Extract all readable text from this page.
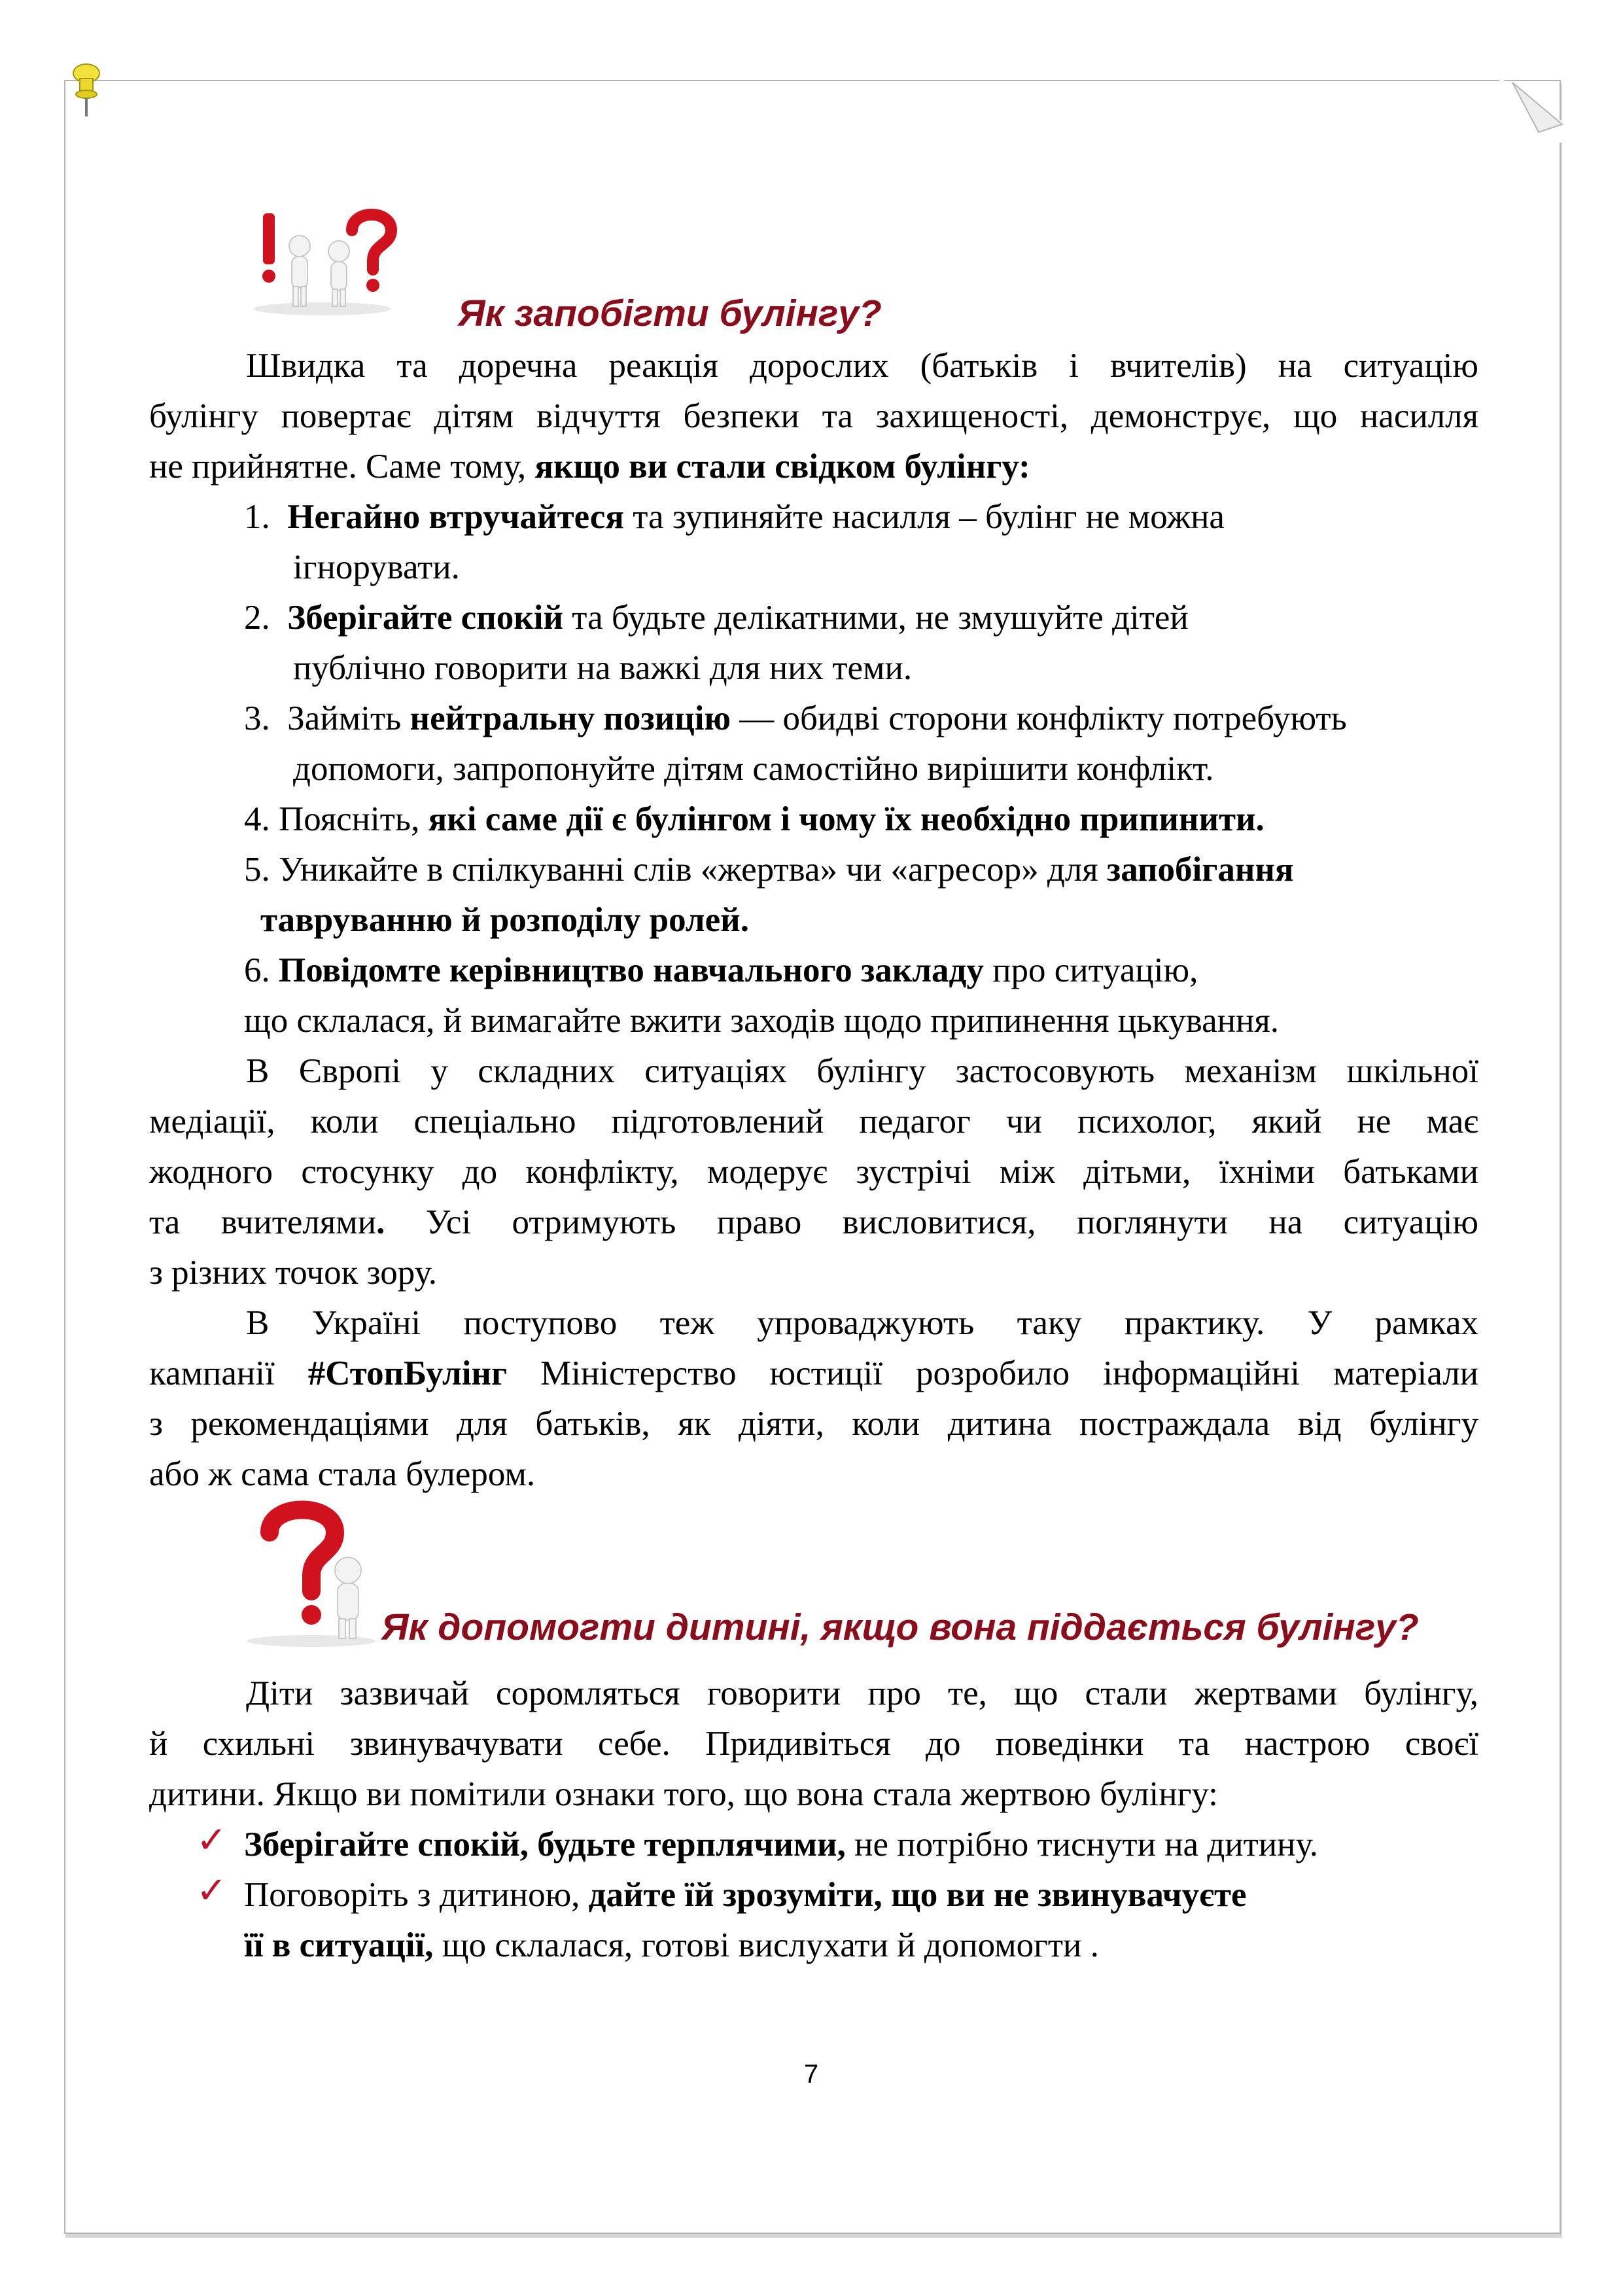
Як запобігти булінгу?
Швидка та доречна реакція дорослих (батьків і вчителів) на ситуацію
булінгу повертає дітям відчуття безпеки та захищеності, демонструє, що насилля
не прийнятне. Саме тому, якщо ви стали свідком булінгу:
1. Негайно втручайтеся та зупиняйте насилля – булінг не можна
ігнорувати.
2. Зберігайте спокій та будьте делікатними, не змушуйте дітей
публічно говорити на важкі для них теми.
3. Займіть нейтральну позицію — обидві сторони конфлікту потребують
допомоги, запропонуйте дітям самостійно вирішити конфлікт.
4. Поясніть, які саме дії є булінгом і чому їх необхідно припинити.
5. Уникайте в спілкуванні слів «жертва» чи «агресор» для запобігання
тавруванню й розподілу ролей.
6. Повідомте керівництво навчального закладу про ситуацію,
що склалася, й вимагайте вжити заходів щодо припинення цькування.
В Європі у складних ситуаціях булінгу застосовують механізм шкільної
медіації, коли спеціально підготовлений педагог чи психолог, який не має
жодного стосунку до конфлікту, модерує зустрічі між дітьми, їхніми батьками
та вчителями. Усі отримують право висловитися, поглянути на ситуацію
з різних точок зору.
В Україні поступово теж упроваджують таку практику. У рамках
кампанії #СтопБулінг Міністерство юстиції розробило інформаційні матеріали
з рекомендаціями для батьків, як діяти, коли дитина постраждала від булінгу
або ж сама стала булером.
Як допомогти дитині, якщо вона піддається булінгу?
Діти зазвичай соромляться говорити про те, що стали жертвами булінгу,
й схильні звинувачувати себе. Придивіться до поведінки та настрою своєї
дитини. Якщо ви помітили ознаки того, що вона стала жертвою булінгу:
✓ Зберігайте спокій, будьте терплячими, не потрібно тиснути на дитину.
✓ Поговоріть з дитиною, дайте їй зрозуміти, що ви не звинувачуєте
її в ситуації, що склалася, готові вислухати й допомогти .
7
